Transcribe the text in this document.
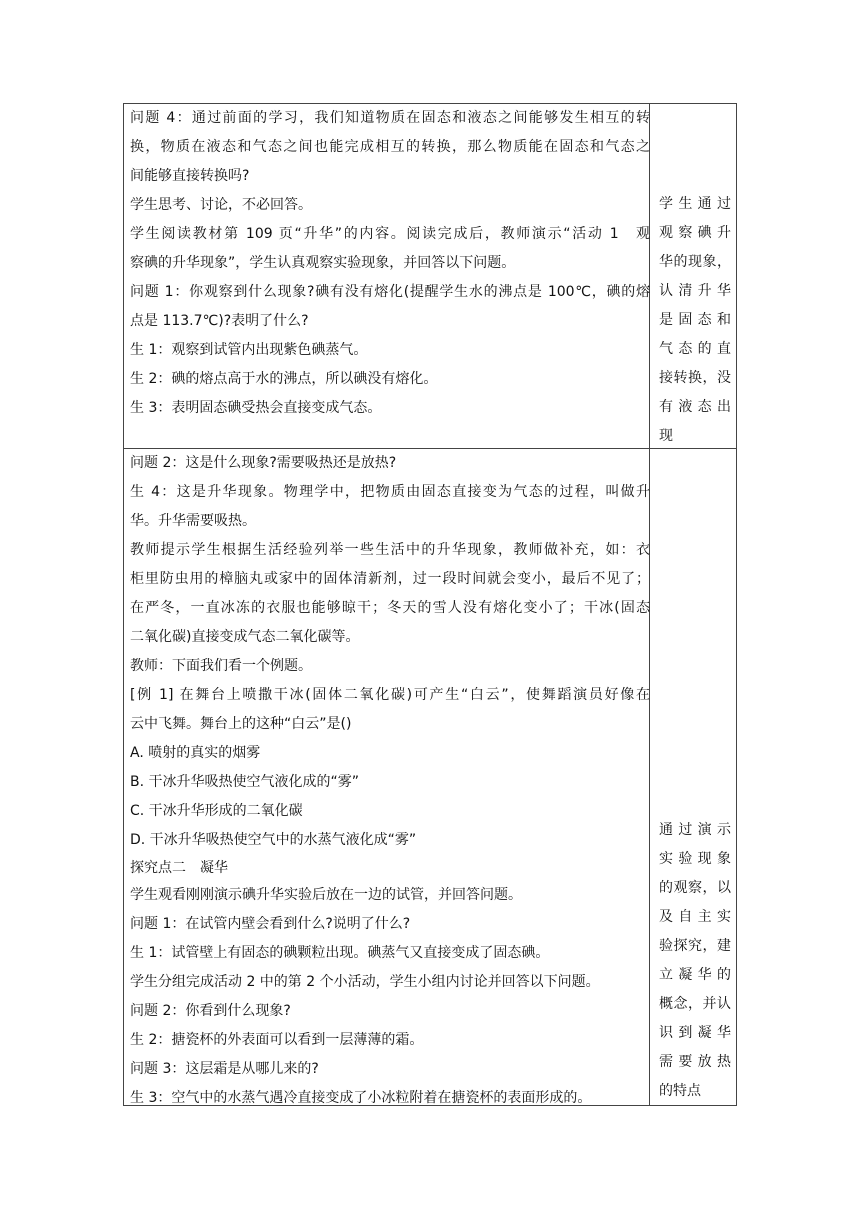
问题 4：通过前面的学习，我们知道物质在固态和液态之间能够发生相互的转

换，物质在液态和气态之间也能完成相互的转换，那么物质能在固态和气态之

间能够直接转换吗?

学生思考、讨论，不必回答。

学生阅读教材第 109 页“升华”的内容。阅读完成后，教师演示“活动 1　观

察碘的升华现象”，学生认真观察实验现象，并回答以下问题。

问题 1：你观察到什么现象?碘有没有熔化(提醒学生水的沸点是 100℃，碘的熔

点是 113.7℃)?表明了什么?

生 1：观察到试管内出现紫色碘蒸气。

生 2：碘的熔点高于水的沸点，所以碘没有熔化。

生 3：表明固态碘受热会直接变成气态。

学生通过

观察碘升

华的现象，

认清升华

是固态和

气态的直

接转换，没

有液态出

现

问题 2：这是什么现象?需要吸热还是放热?

生 4：这是升华现象。物理学中，把物质由固态直接变为气态的过程，叫做升

华。升华需要吸热。

教师提示学生根据生活经验列举一些生活中的升华现象，教师做补充，如：衣

柜里防虫用的樟脑丸或家中的固体清新剂，过一段时间就会变小，最后不见了；

在严冬，一直冰冻的衣服也能够晾干；冬天的雪人没有熔化变小了；干冰(固态

二氧化碳)直接变成气态二氧化碳等。

教师：下面我们看一个例题。

[例 1] 在舞台上喷撒干冰(固体二氧化碳)可产生“白云”，使舞蹈演员好像在

云中飞舞。舞台上的这种“白云”是()

A. 喷射的真实的烟雾

B. 干冰升华吸热使空气液化成的“雾”

C. 干冰升华形成的二氧化碳

D. 干冰升华吸热使空气中的水蒸气液化成“雾”

探究点二　凝华

学生观看刚刚演示碘升华实验后放在一边的试管，并回答问题。

问题 1：在试管内壁会看到什么?说明了什么?

生 1：试管壁上有固态的碘颗粒出现。碘蒸气又直接变成了固态碘。

学生分组完成活动 2 中的第 2 个小活动，学生小组内讨论并回答以下问题。

问题 2：你看到什么现象?

生 2：搪瓷杯的外表面可以看到一层薄薄的霜。

问题 3：这层霜是从哪儿来的?

生 3：空气中的水蒸气遇冷直接变成了小冰粒附着在搪瓷杯的表面形成的。

通过演示

实验现象

的观察，以

及自主实

验探究，建

立凝华的

概念，并认

识到凝华

需要放热

的特点
